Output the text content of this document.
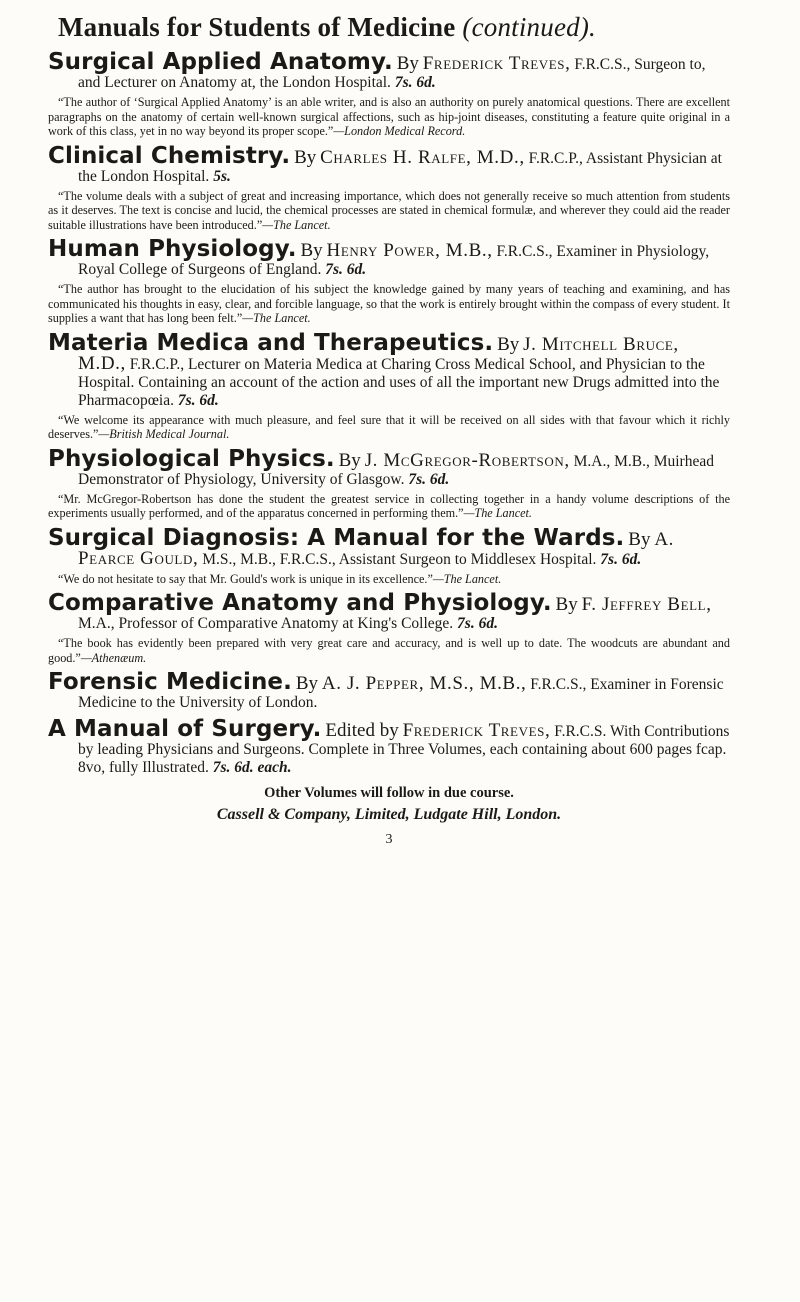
Manuals for Students of Medicine (continued).

Surgical Applied Anatomy. By Frederick Treves, F.R.C.S., Surgeon to, and Lecturer on Anatomy at, the London Hospital. 7s. 6d.

“The author of ‘Surgical Applied Anatomy’ is an able writer, and is also an authority on purely anatomical questions. There are excellent paragraphs on the anatomy of certain well-known surgical affections, such as hip-joint diseases, constituting a feature quite original in a work of this class, yet in no way beyond its proper scope.”—London Medical Record.

Clinical Chemistry. By Charles H. Ralfe, M.D., F.R.C.P., Assistant Physician at the London Hospital. 5s.

“The volume deals with a subject of great and increasing importance, which does not generally receive so much attention from students as it deserves. The text is concise and lucid, the chemical processes are stated in chemical formulæ, and wherever they could aid the reader suitable illustrations have been introduced.”—The Lancet.

Human Physiology. By Henry Power, M.B., F.R.C.S., Examiner in Physiology, Royal College of Surgeons of England. 7s. 6d.

“The author has brought to the elucidation of his subject the knowledge gained by many years of teaching and examining, and has communicated his thoughts in easy, clear, and forcible language, so that the work is entirely brought within the compass of every student. It supplies a want that has long been felt.”—The Lancet.

Materia Medica and Therapeutics. By J. Mitchell Bruce, M.D., F.R.C.P., Lecturer on Materia Medica at Charing Cross Medical School, and Physician to the Hospital. Containing an account of the action and uses of all the important new Drugs admitted into the Pharmacopœia. 7s. 6d.

“We welcome its appearance with much pleasure, and feel sure that it will be received on all sides with that favour which it richly deserves.”—British Medical Journal.

Physiological Physics. By J. McGregor-Robertson, M.A., M.B., Muirhead Demonstrator of Physiology, University of Glasgow. 7s. 6d.

“Mr. McGregor-Robertson has done the student the greatest service in collecting together in a handy volume descriptions of the experiments usually performed, and of the apparatus concerned in performing them.”—The Lancet.

Surgical Diagnosis: A Manual for the Wards. By A. Pearce Gould, M.S., M.B., F.R.C.S., Assistant Surgeon to Middlesex Hospital. 7s. 6d.

“We do not hesitate to say that Mr. Gould's work is unique in its excellence.”—The Lancet.

Comparative Anatomy and Physiology. By F. Jeffrey Bell, M.A., Professor of Comparative Anatomy at King's College. 7s. 6d.

“The book has evidently been prepared with very great care and accuracy, and is well up to date. The woodcuts are abundant and good.”—Athenæum.

Forensic Medicine. By A. J. Pepper, M.S., M.B., F.R.C.S., Examiner in Forensic Medicine to the University of London.

A Manual of Surgery. Edited by Frederick Treves, F.R.C.S. With Contributions by leading Physicians and Surgeons. Complete in Three Volumes, each containing about 600 pages fcap. 8vo, fully Illustrated. 7s. 6d. each.

Other Volumes will follow in due course.

Cassell & Company, Limited, Ludgate Hill, London.

3
